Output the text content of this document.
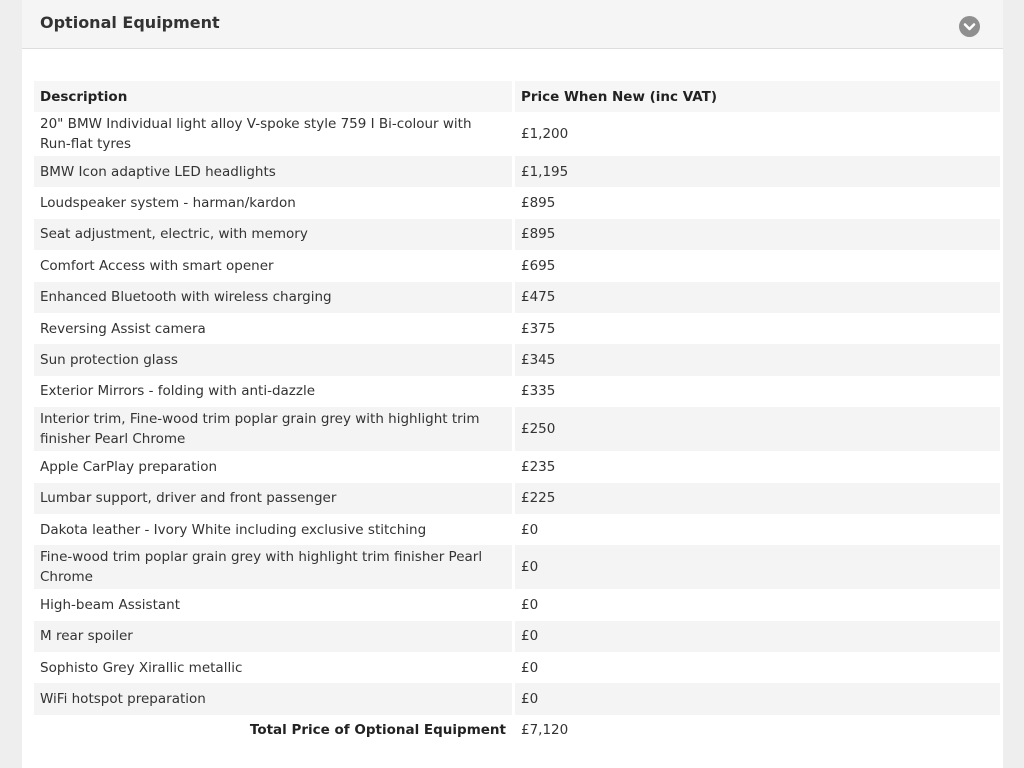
Optional Equipment
Description	Price When New (inc VAT)
20" BMW Individual light alloy V-spoke style 759 I Bi-colour with Run-flat tyres	£1,200
BMW Icon adaptive LED headlights	£1,195
Loudspeaker system - harman/kardon	£895
Seat adjustment, electric, with memory	£895
Comfort Access with smart opener	£695
Enhanced Bluetooth with wireless charging	£475
Reversing Assist camera	£375
Sun protection glass	£345
Exterior Mirrors - folding with anti-dazzle	£335
Interior trim, Fine-wood trim poplar grain grey with highlight trim finisher Pearl Chrome	£250
Apple CarPlay preparation	£235
Lumbar support, driver and front passenger	£225
Dakota leather - Ivory White including exclusive stitching	£0
Fine-wood trim poplar grain grey with highlight trim finisher Pearl Chrome	£0
High-beam Assistant	£0
M rear spoiler	£0
Sophisto Grey Xirallic metallic	£0
WiFi hotspot preparation	£0
Total Price of Optional Equipment	£7,120
